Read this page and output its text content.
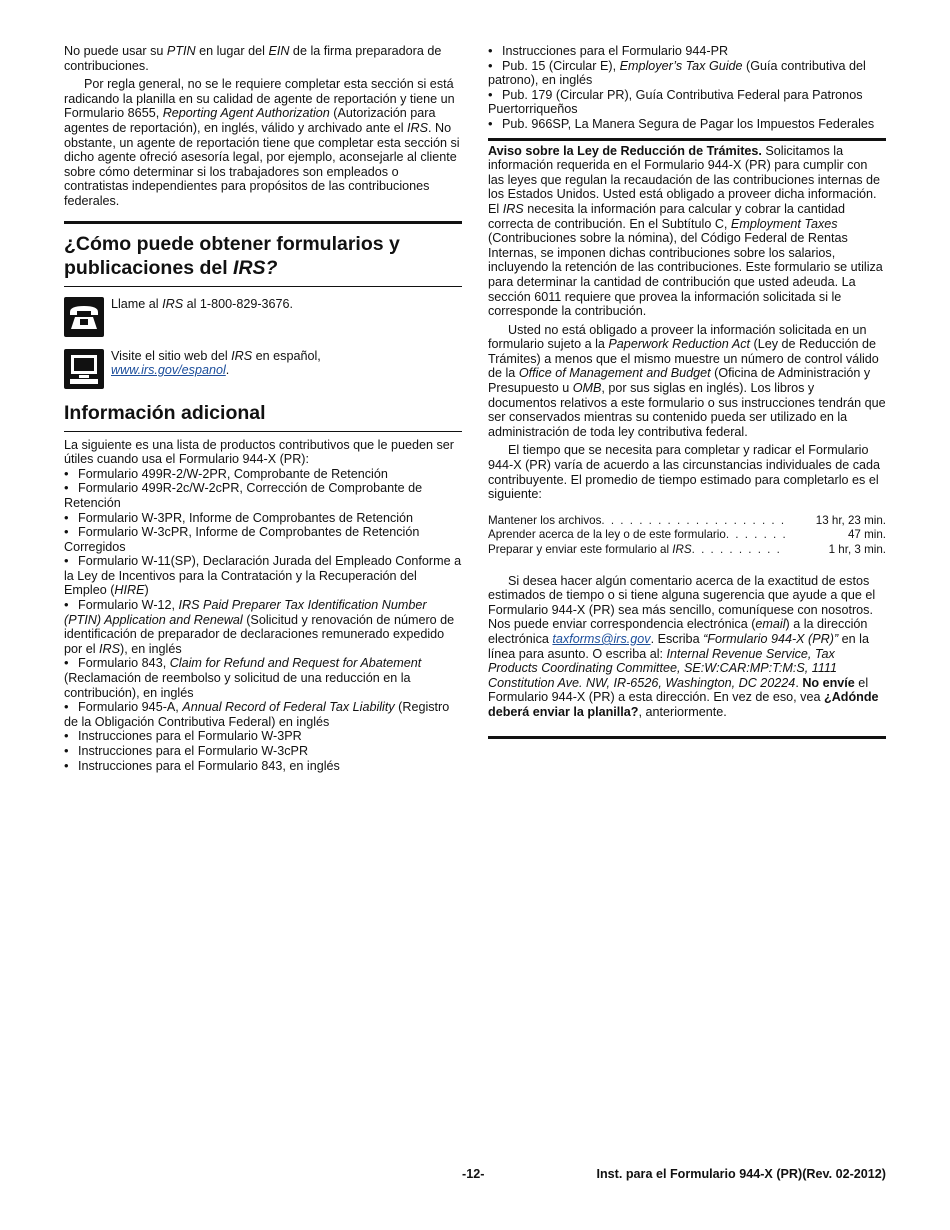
No puede usar su PTIN en lugar del EIN de la firma preparadora de contribuciones.

Por regla general, no se le requiere completar esta sección si está radicando la planilla en su calidad de agente de reportación y tiene un Formulario 8655, Reporting Agent Authorization (Autorización para agentes de reportación), en inglés, válido y archivado ante el IRS. No obstante, un agente de reportación tiene que completar esta sección si dicho agente ofreció asesoría legal, por ejemplo, aconsejarle al cliente sobre cómo determinar si los trabajadores son empleados o contratistas independientes para propósitos de las contribuciones federales.

¿Cómo puede obtener formularios y publicaciones del IRS?

Llame al IRS al 1-800-829-3676.

Visite el sitio web del IRS en español,
www.irs.gov/espanol.

Información adicional

La siguiente es una lista de productos contributivos que le pueden ser útiles cuando usa el Formulario 944-X (PR):

• Formulario 499R-2/W-2PR, Comprobante de Retención

• Formulario 499R-2c/W-2cPR, Corrección de Comprobante de Retención

• Formulario W-3PR, Informe de Comprobantes de Retención

• Formulario W-3cPR, Informe de Comprobantes de Retención Corregidos

• Formulario W-11(SP), Declaración Jurada del Empleado Conforme a la Ley de Incentivos para la Contratación y la Recuperación del Empleo (HIRE)

• Formulario W-12, IRS Paid Preparer Tax Identification Number (PTIN) Application and Renewal (Solicitud y renovación de número de identificación de preparador de declaraciones remunerado expedido por el IRS), en inglés

• Formulario 843, Claim for Refund and Request for Abatement (Reclamación de reembolso y solicitud de una reducción en la contribución), en inglés

• Formulario 945-A, Annual Record of Federal Tax Liability (Registro de la Obligación Contributiva Federal) en inglés

• Instrucciones para el Formulario W-3PR

• Instrucciones para el Formulario W-3cPR

• Instrucciones para el Formulario 843, en inglés

• Instrucciones para el Formulario 944-PR

• Pub. 15 (Circular E), Employer’s Tax Guide (Guía contributiva del patrono), en inglés

• Pub. 179 (Circular PR), Guía Contributiva Federal para Patronos Puertorriqueños

• Pub. 966SP, La Manera Segura de Pagar los Impuestos Federales

Aviso sobre la Ley de Reducción de Trámites. Solicitamos la información requerida en el Formulario 944-X (PR) para cumplir con las leyes que regulan la recaudación de las contribuciones internas de los Estados Unidos. Usted está obligado a proveer dicha información. El IRS necesita la información para calcular y cobrar la cantidad correcta de contribución. En el Subtítulo C, Employment Taxes (Contribuciones sobre la nómina), del Código Federal de Rentas Internas, se imponen dichas contribuciones sobre los salarios, incluyendo la retención de las contribuciones. Este formulario se utiliza para determinar la cantidad de contribución que usted adeuda. La sección 6011 requiere que provea la información solicitada si le corresponde la contribución.

Usted no está obligado a proveer la información solicitada en un formulario sujeto a la Paperwork Reduction Act (Ley de Reducción de Trámites) a menos que el mismo muestre un número de control válido de la Office of Management and Budget (Oficina de Administración y Presupuesto u OMB, por sus siglas en inglés). Los libros y documentos relativos a este formulario o sus instrucciones tendrán que ser conservados mientras su contenido pueda ser utilizado en la administración de toda ley contributiva federal.

El tiempo que se necesita para completar y radicar el Formulario 944-X (PR) varía de acuerdo a las circunstancias individuales de cada contribuyente. El promedio de tiempo estimado para completarlo es el siguiente:

Mantener los archivos . . .	13 hr, 23 min.
Aprender acerca de la ley o de este formulario . . .	47 min.
Preparar y enviar este formulario al IRS . . .	1 hr, 3 min.

Si desea hacer algún comentario acerca de la exactitud de estos estimados de tiempo o si tiene alguna sugerencia que ayude a que el Formulario 944-X (PR) sea más sencillo, comuníquese con nosotros. Nos puede enviar correspondencia electrónica (email) a la dirección electrónica taxforms@irs.gov. Escriba “Formulario 944-X (PR)” en la línea para asunto. O escriba al: Internal Revenue Service, Tax Products Coordinating Committee, SE:W:CAR:MP:T:M:S, 1111 Constitution Ave. NW, IR-6526, Washington, DC 20224. No envíe el Formulario 944-X (PR) a esta dirección. En vez de eso, vea ¿Adónde deberá enviar la planilla?, anteriormente.

-12-	Inst. para el Formulario 944-X (PR)(Rev. 02-2012)
